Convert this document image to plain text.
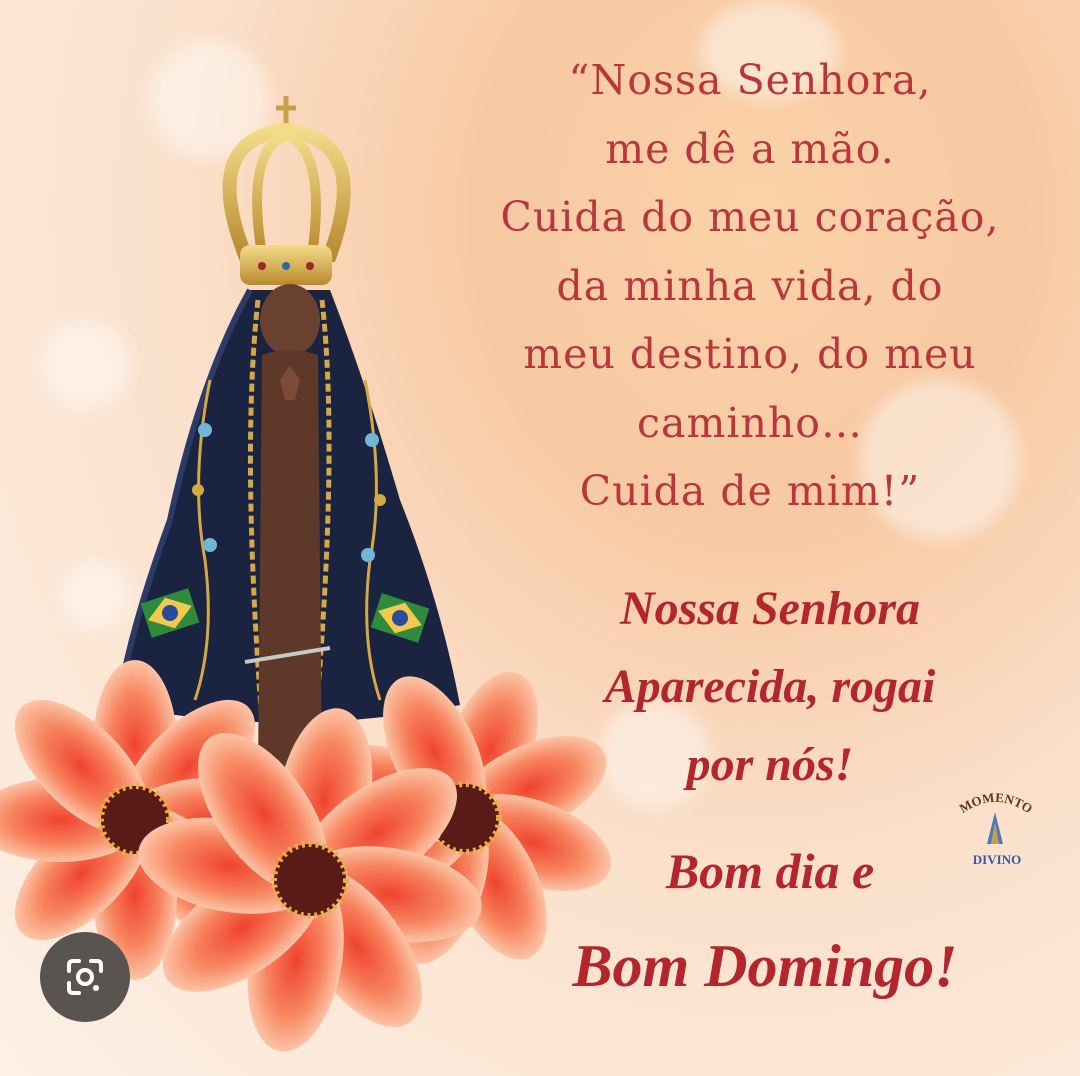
“Nossa Senhora,
me dê a mão.
Cuida do meu coração,
da minha vida, do
meu destino, do meu
caminho…
Cuida de mim!”
Nossa Senhora
Aparecida, rogai
por nós!
Bom dia e
Bom Domingo!
MOMENTO
DIVINO
